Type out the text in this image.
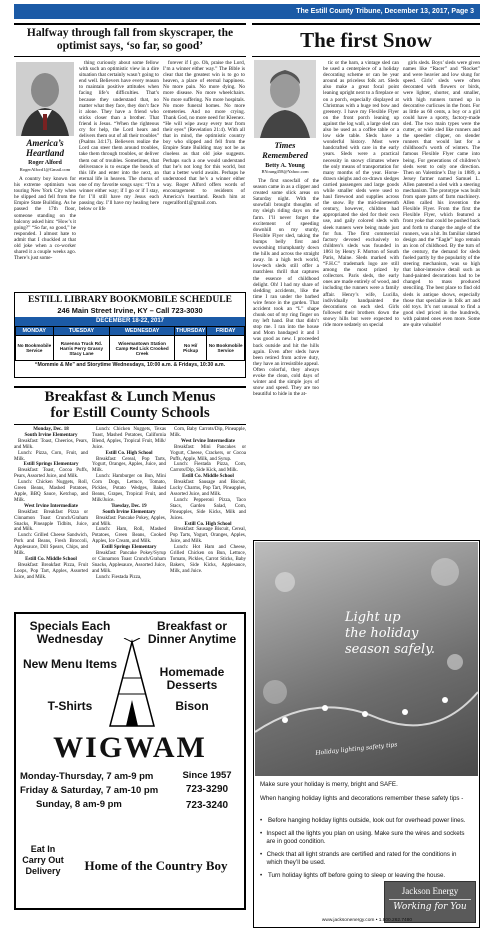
The Estill County Tribune, December 13, 2017, Page 3
Halfway through fall from skyscraper, the optimist says, ‘so far, so good’
America’s Heartland
Roger Alford
RogerAlford1@Gmail.com

A country boy known for his extreme optimism was touring New York City when he slipped and fell from the Empire State Building. As he passed the 17th floor, someone standing on the balcony asked him: “How’s it going?” “So far, so good,” he responded. I almost hate to admit that I chuckled at that old joke when a co-worker shared it a couple weeks ago. There’s just some-

thing curiously about some fellow with such an optimistic view in a dire situation that certainly wasn’t going to end well. Believers have every reason to maintain positive attitudes when facing life’s difficulties. That’s because they understand that, no matter what they face, they don’t face it alone. They have a friend who sticks closer than a brother. That friend is Jesus. “When the righteous cry for help, the Lord hears and delivers them out of all their troubles” (Psalms 34:17). Believers realize the Lord can steer them around troubles, take them through troubles, or deliver them out of troubles. Sometimes, that deliverance is to escape the bonds of this life and enter into the next, an eternal life in heaven. The chorus of one of my favorite songs says: “I’m a winner either way; if I go or if I stay, for I’ll still have my Jesus each passing day. I’ll have my healing here below or life

forever if I go. Oh, praise the Lord, I’m a winner either way.” The Bible is clear that the greatest win is to go to heaven, a place of eternal happiness. No more pain. No more dying. No more disease. No more wheelchairs. No more suffering. No more hospitals. No more funeral homes. No more cemeteries. And no more crying. Thank God, no more need for Kleenex. “He will wipe away every tear from their eyes” (Revelation 21:4). With all that in mind, the optimistic country boy who slipped and fell from the Empire State Building may not be as clueless as that old joke suggests. Perhaps such a one would understand that he’s not long for this world, but that a better world awaits. Perhaps he understood that he’s a winner either way. Roger Alford offers words of encouragement to residents of America’s heartland. Reach him at rogeralford1@gmail.com.

ESTILL LIBRARY BOOKMOBILE SCHEDULE
246 Main Street Irvine, KY – Call 723-3030
DECEMBER 18-22, 2017
MONDAY	TUESDAY	WEDNESDAY	THURSDAY	FRIDAY
No Bookmobile Service	Ravenna Truck Rd. Harris Perry Grassy Stacy Lane	Wisemantown Station Camp Red Lick Crooked Creek	No Hi/ Pickup	No Bookmobile Service
“Mommie & Me” and Storytime Wednesdays, 10:00 a.m. & Fridays, 10:30 a.m.
Breakfast & Lunch Menus
for Estill County Schools

Monday, Dec. 18

South Irvine Elementary

Breakfast: Toast, Cheerios, Pears, and Milk.

Lunch: Pizza, Corn, Fruit, and Milk.

Estill Springs Elementary

Breakfast: Toast, Cocoa Puffs, Pears, Assorted Juice, and Milk.

Lunch: Chicken Nuggets, Roll, Green Beans, Mashed Potatoes, Apple, BBQ Sauce, Ketchup, and Milk.

West Irvine Intermediate

Breakfast: Breakfast Pizza or Cinnamon Toast Crunch/Graham Snacks, Pineapple Tidbits, Juice, and Milk.

Lunch: Grilled Cheese Sandwich, Pork and Beans, Fresh Broccoli, Applesauce, Dill Spears, Chips, and Milk.

Estill Co. Middle School

Breakfast: Breakfast Pizza, Fruit Loops, Pop Tart, Apples, Assorted Juice, and Milk.

Lunch: Chicken Nuggets, Texas Toast, Mashed Potatoes, California Blend, Apples, Tropical Fruit, Milk/ Juice.

Estill Co. High School

Breakfast: Cereal, Pop Tarts, Yogurt, Oranges, Apples, Juice, and Milk.

Lunch: Hamburger on Bun, Mini Corn Dogs, Lettuce, Tomato, Pickles, Potato Wedges, Baked Beans, Grapes, Tropical Fruit, and Milk/Juice.

Tuesday, Dec. 19

South Irvine Elementary

Breakfast: Pancake Pokey, Apples, and Milk.

Lunch: Ham, Roll, Mashed Potatoes, Green Beans, Cooked Apples, Ice Cream, and Milk.

Estill Springs Elementary

Breakfast: Pancake Pokey/Syrup or Cinnamon Toast Crunch/Graham Snacks, Applesauce, Assorted Juice, and Milk.

Lunch: Fiestada Pizza,

Corn, Baby Carrots/Dip, Pineapple, Milk.

West Irvine Intermediate

Breakfast: Mini Pancakes or Yogurt, Cheese, Crackers, or Cocoa Puffs, Apple, Milk, and Syrup.

Lunch: Fiestada Pizza, Corn, Carrots/Dip, Side Kick, and Milk.

Estill Co. Middle School

Breakfast: Sausage and Biscuit, Lucky Charms, Pop Tart, Pineapples, Assorted Juice, and Milk.

Lunch: Pepperoni Pizza, Taco Stacs, Garden Salad, Corn, Pineapples, Side Kicks, Milk and Juices.

Estill Co. High School

Breakfast: Sausage Biscuit, Cereal, Pop Tarts, Yogurt, Oranges, Apples, Juice, and Milk.

Lunch: Hot Ham and Cheese, Grilled Chicken on Bun, Lettuce, Tomato, Pickles, Carrot Sticks, Baby Bakers, Side Kicks, Applesauce, Milk, and Juice.

Specials Each Wednesday
New Menu Items
T-Shirts
Breakfast or Dinner Anytime
Homemade Desserts
Bison
WIGWAM
Monday-Thursday, 7 am-9 pm
Friday & Saturday, 7 am-10 pm
Sunday, 8 am-9 pm
Since 1957
723-3290
723-3240
Eat In Carry Out Delivery	Home of the Country Boy
The first Snow
Times Remembered
Betty A. Young
BYoung458@Yahoo.com

The first snowfall of the season came in as a clipper and created some slick areas on Saturday night. With the snowfall brought thoughts of my sleigh riding days on the farm. I’ll never forget the excitement of speeding downhill on my sturdy, Flexible Flyer sled, taking the bumps belly first and swooshing triumphantly down the hills and across the straight away. In a high tech world, low-tech sleds still offer a matchless thrill that captures the essence of childhood delight. Oh! I had my share of sledding accidents, like the time I ran under the barbed wire fence in the garden. That accident took an “L” shape chunk out of my ring finger on my left hand. But that didn’t stop me. I ran into the house and Mom bandaged it and I was good as new. I proceeded back outside and hit the hills again. Even after sleds have been retired from active duty, they have an irresistible appeal. Often colorful, they always evoke the clean, cold days of winter and the simple joys of snow and speed. They are too beautiful to hide in the at-

tic or the barn, a vintage sled can be used a centerpiece of a holiday decorating scheme or can be year around as priceless folk art. Sleds also make a great focal point leaning upright next to a fireplace or on a porch, especially displayed at Christmas with a huge red bow and greenery. I have my Flexible Flyer on the front porch leaning up against the log wall, a large sled can also be used as a coffee table or a low side table. Sleds have a wonderful history. Most were handcrafted with care in the early years. Sleds were a practical necessity in snowy climates where the only means of transportation for many months of the year. Horse-drawn sleighs and ox-drawn sledges carried passengers and large goods while smaller sleds were used to haul firewood and supplies across the snow. By the mid-nineteenth century, however, children had appropriated the sled for their own use, and gaily colored sleds with sleek runners were being made just for fun. The first commercial factory devoted exclusively to children’s sleds was founded in 1861 by Henry F. Morton of South Paris, Maine. Sleds marked with “F.H.C” trademark logo are still among the most prized by collectors. Paris sleds, the early ones are made entirely of wood, and including the runners were a family affair. Henry’s wife, Lucilla, individually handpainted the decorations on each sled. Girls followed their brothers down the snowy hills but were expected to ride more sedately on special

girls sleds. Boys’ sleds were given names like “Racer” and “Rocket” and were heavier and low slung for speed. Girls’ sleds were often decorated with flowers or birds, were lighter, shorter, and smaller, with high runners turned up in decorative curlicues in the front. For as little as 60 cents, a boy or a girl could have a sporty, factory-made sled. The two main types were the cutter, or wide sled like runners and the speedier clipper, on slender runners that would last for a childhood’s worth of winters. The famous Flexible Flyer came into being. For generations of children’s sleds went to only one direction. Then on Valentine’s Day in 1889, a Jersey farmer named Samuel L. Allen patented a sled with a steering mechanism. The prototype was built from spare parts of farm machinery. Allen called his invention the Flexible Flyer. From the first the Flexible Flyer, which featured a front yoke that could be pushed back and forth to change the angle of the runners, was a hit. Its familiar slatted design and the “Eagle” logo remain an icon of childhood. By the turn of the century, the demand for sleds fueled partly by the popularity of the steering mechanism, was so high that labor-intensive detail such as hand-painted decorations had to be changed to mass produced stenciling. The best place to find old sleds is antique shows, especially those that specialize in folk art and old toys. It’s not unusual to find a good sled priced in the hundreds, with painted ones even more. Some are quite valuable!

Light up
the holiday
season safely.
Holiday lighting safety tips
Make sure your holiday is merry, bright and SAFE.
When hanging holiday lights and decorations remember these safety tips -
• Before hanging holiday lights outside, look out for overhead power lines.
• Inspect all the lights you plan on using. Make sure the wires and sockets are in good condition.
• Check that all light strands are certified and rated for the conditions in which they’ll be used.
• Turn holiday lights off before going to sleep or leaving the house.
Jackson Energy
Working for You
www.jacksonenergy.com • 1.800.262.7480
